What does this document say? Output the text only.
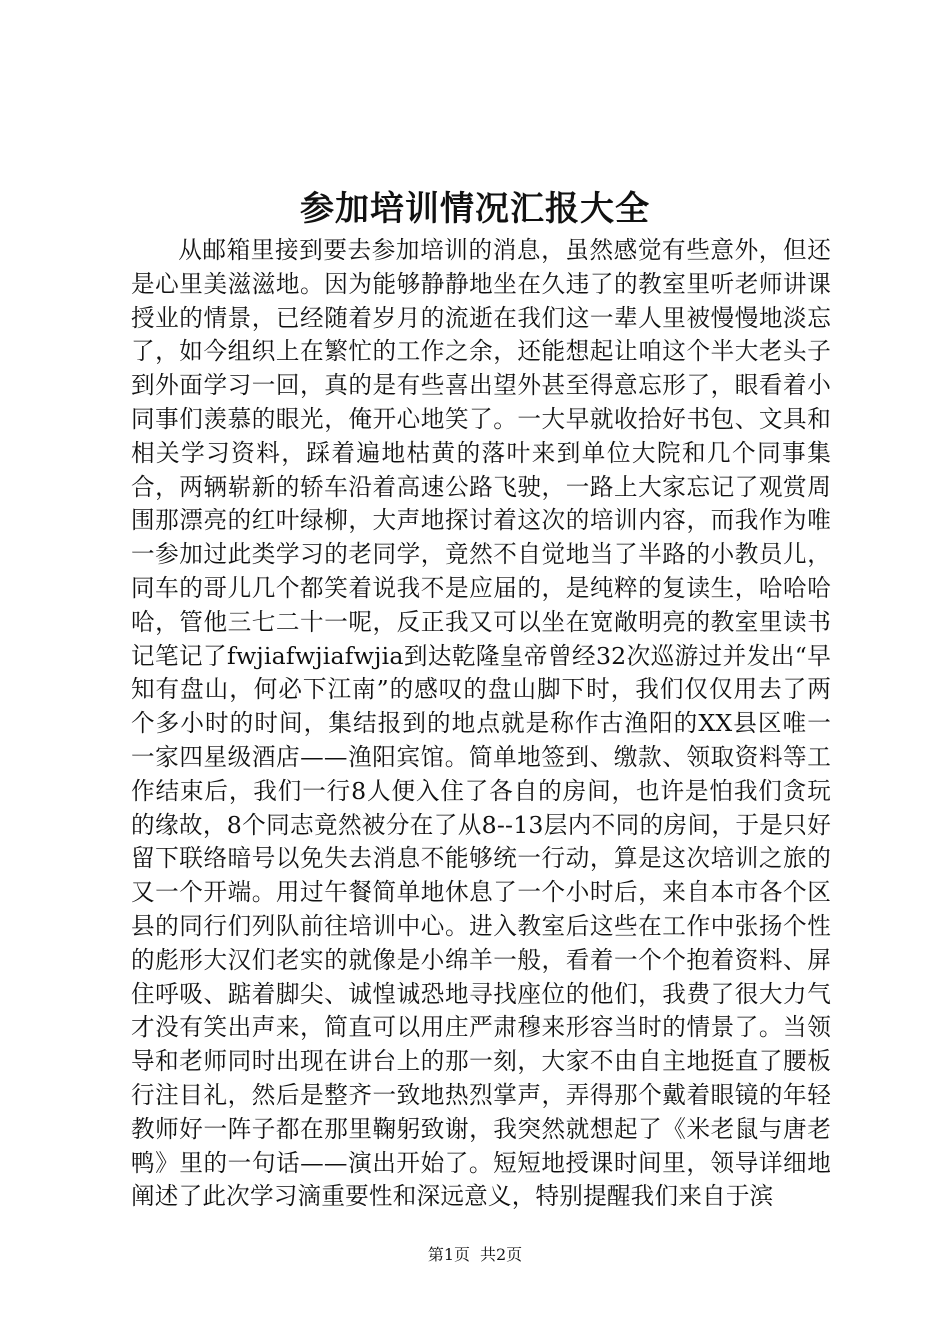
参加培训情况汇报大全

从邮箱里接到要去参加培训的消息，虽然感觉有些意外，但还是心里美滋滋地。因为能够静静地坐在久违了的教室里听老师讲课授业的情景，已经随着岁月的流逝在我们这一辈人里被慢慢地淡忘了，如今组织上在繁忙的工作之余，还能想起让咱这个半大老头子到外面学习一回，真的是有些喜出望外甚至得意忘形了，眼看着小同事们羡慕的眼光，俺开心地笑了。一大早就收拾好书包、文具和相关学习资料，踩着遍地枯黄的落叶来到单位大院和几个同事集合，两辆崭新的轿车沿着高速公路飞驶，一路上大家忘记了观赏周围那漂亮的红叶绿柳，大声地探讨着这次的培训内容，而我作为唯一参加过此类学习的老同学，竟然不自觉地当了半路的小教员儿，同车的哥儿几个都笑着说我不是应届的，是纯粹的复读生，哈哈哈哈，管他三七二十一呢，反正我又可以坐在宽敞明亮的教室里读书记笔记了fwjiafwjiafwjia到达乾隆皇帝曾经32次巡游过并发出“早知有盘山，何必下江南”的感叹的盘山脚下时，我们仅仅用去了两个多小时的时间，集结报到的地点就是称作古渔阳的XX县区唯一一家四星级酒店——渔阳宾馆。简单地签到、缴款、领取资料等工作结束后，我们一行8人便入住了各自的房间，也许是怕我们贪玩的缘故，8个同志竟然被分在了从8--13层内不同的房间，于是只好留下联络暗号以免失去消息不能够统一行动，算是这次培训之旅的又一个开端。用过午餐简单地休息了一个小时后，来自本市各个区县的同行们列队前往培训中心。进入教室后这些在工作中张扬个性的彪形大汉们老实的就像是小绵羊一般，看着一个个抱着资料、屏住呼吸、踮着脚尖、诚惶诚恐地寻找座位的他们，我费了很大力气才没有笑出声来，简直可以用庄严肃穆来形容当时的情景了。当领导和老师同时出现在讲台上的那一刻，大家不由自主地挺直了腰板行注目礼，然后是整齐一致地热烈掌声，弄得那个戴着眼镜的年轻教师好一阵子都在那里鞠躬致谢，我突然就想起了《米老鼠与唐老鸭》里的一句话——演出开始了。短短地授课时间里，领导详细地阐述了此次学习滴重要性和深远意义，特别提醒我们来自于滨

第1页 共2页
